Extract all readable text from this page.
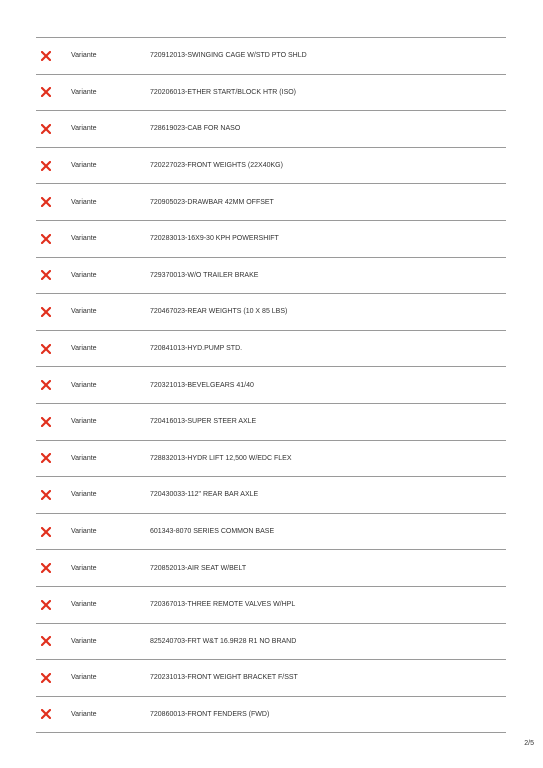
Variante	720912013-SWINGING CAGE W/STD PTO SHLD
Variante	720206013-ETHER START/BLOCK HTR (ISO)
Variante	728619023-CAB FOR NASO
Variante	720227023-FRONT WEIGHTS (22X40KG)
Variante	720905023-DRAWBAR 42MM OFFSET
Variante	720283013-16X9-30 KPH POWERSHIFT
Variante	729370013-W/O TRAILER BRAKE
Variante	720467023-REAR WEIGHTS (10 X 85 LBS)
Variante	720841013-HYD.PUMP STD.
Variante	720321013-BEVELGEARS 41/40
Variante	720416013-SUPER STEER AXLE
Variante	728832013-HYDR LIFT 12,500 W/EDC FLEX
Variante	720430033-112" REAR BAR AXLE
Variante	601343-8070 SERIES COMMON BASE
Variante	720852013-AIR SEAT W/BELT
Variante	720367013-THREE REMOTE VALVES W/HPL
Variante	825240703-FRT W&T 16.9R28 R1 NO BRAND
Variante	720231013-FRONT WEIGHT BRACKET F/SST
Variante	720860013-FRONT FENDERS (FWD)
2/5
